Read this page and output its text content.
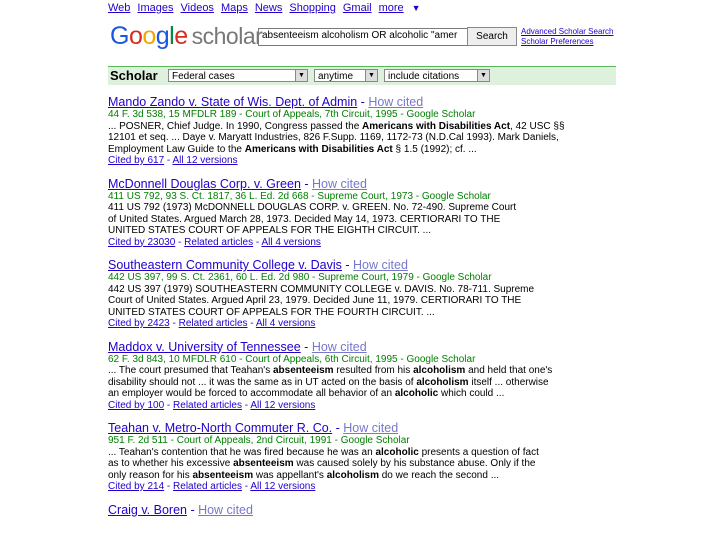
Web Images Videos Maps News Shopping Gmail more ▼
Google scholar absenteeism alcoholism OR alcoholic "amer	Search	Advanced Scholar Search
Scholar Preferences
Scholar	Federal cases	▼	anytime	▼	include citations	▼
Mando Zando v. State of Wis. Dept. of Admin - How cited
44 F. 3d 538, 15 MFDLR 189 - Court of Appeals, 7th Circuit, 1995 - Google Scholar
... POSNER, Chief Judge. In 1990, Congress passed the Americans with Disabilities Act, 42 USC §§
12101 et seq. ... Daye v. Maryatt Industries, 826 F.Supp. 1169, 1172-73 (N.D.Cal 1993). Mark Daniels,
Employment Law Guide to the Americans with Disabilities Act § 1.5 (1992); cf. ...
Cited by 617 - All 12 versions
McDonnell Douglas Corp. v. Green - How cited
411 US 792, 93 S. Ct. 1817, 36 L. Ed. 2d 668 - Supreme Court, 1973 - Google Scholar
411 US 792 (1973) McDONNELL DOUGLAS CORP. v. GREEN. No. 72-490. Supreme Court
of United States. Argued March 28, 1973. Decided May 14, 1973. CERTIORARI TO THE
UNITED STATES COURT OF APPEALS FOR THE EIGHTH CIRCUIT. ...
Cited by 23030 - Related articles - All 4 versions
Southeastern Community College v. Davis - How cited
442 US 397, 99 S. Ct. 2361, 60 L. Ed. 2d 980 - Supreme Court, 1979 - Google Scholar
442 US 397 (1979) SOUTHEASTERN COMMUNITY COLLEGE v. DAVIS. No. 78-711. Supreme
Court of United States. Argued April 23, 1979. Decided June 11, 1979. CERTIORARI TO THE
UNITED STATES COURT OF APPEALS FOR THE FOURTH CIRCUIT. ...
Cited by 2423 - Related articles - All 4 versions
Maddox v. University of Tennessee - How cited
62 F. 3d 843, 10 MFDLR 610 - Court of Appeals, 6th Circuit, 1995 - Google Scholar
... The court presumed that Teahan's absenteeism resulted from his alcoholism and held that one's
disability should not ... it was the same as in UT acted on the basis of alcoholism itself ... otherwise
an employer would be forced to accommodate all behavior of an alcoholic which could ...
Cited by 100 - Related articles - All 12 versions
Teahan v. Metro-North Commuter R. Co. - How cited
951 F. 2d 511 - Court of Appeals, 2nd Circuit, 1991 - Google Scholar
... Teahan's contention that he was fired because he was an alcoholic presents a question of fact
as to whether his excessive absenteeism was caused solely by his substance abuse. Only if the
only reason for his absenteeism was appellant's alcoholism do we reach the second ...
Cited by 214 - Related articles - All 12 versions
Craig v. Boren - How cited
